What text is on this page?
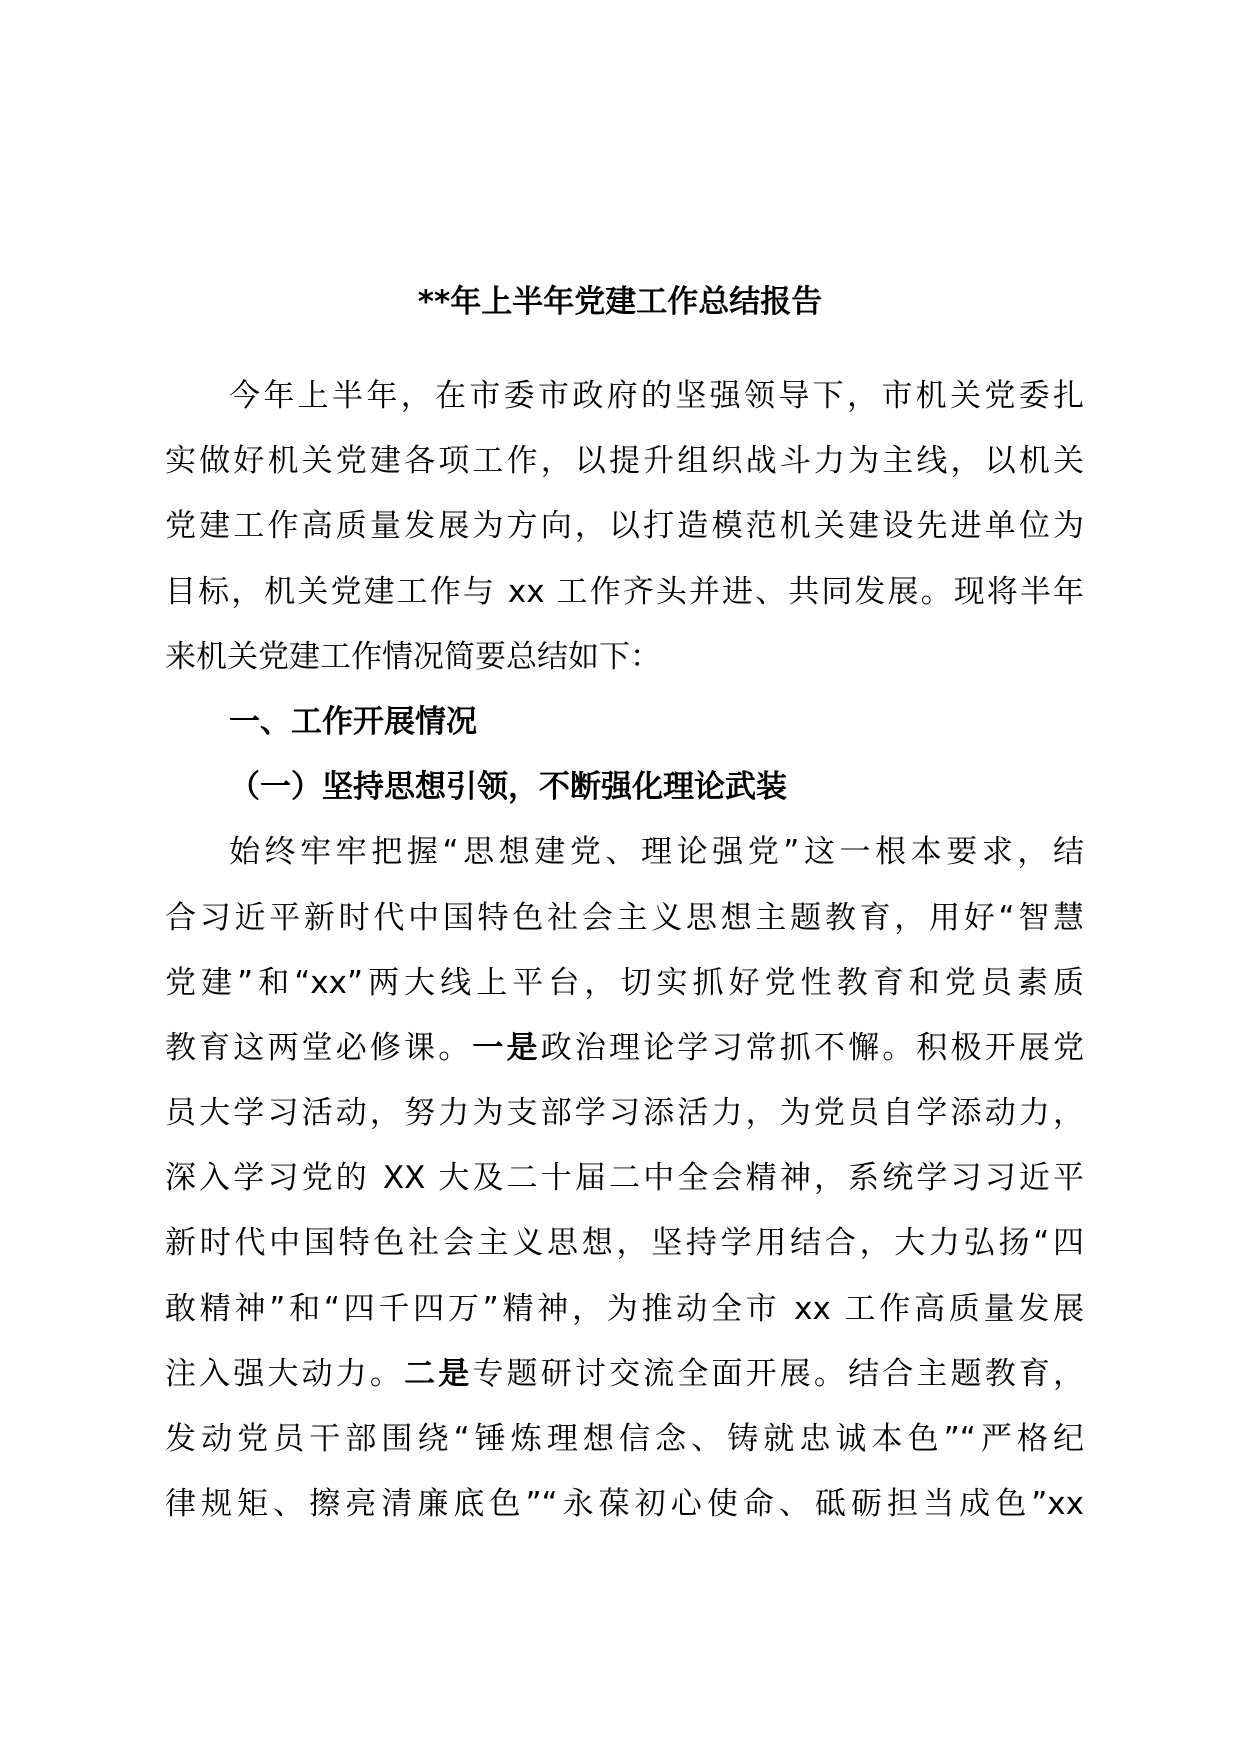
**年上半年党建工作总结报告
今年上半年，在市委市政府的坚强领导下，市机关党委扎
实做好机关党建各项工作，以提升组织战斗力为主线，以机关
党建工作高质量发展为方向，以打造模范机关建设先进单位为
目标，机关党建工作与 xx 工作齐头并进、共同发展。现将半年
来机关党建工作情况简要总结如下：
一、工作开展情况
（一）坚持思想引领，不断强化理论武装
始终牢牢把握“思想建党、理论强党”这一根本要求，结
合习近平新时代中国特色社会主义思想主题教育，用好“智慧
党建”和“xx”两大线上平台，切实抓好党性教育和党员素质
教育这两堂必修课。一是政治理论学习常抓不懈。积极开展党
员大学习活动，努力为支部学习添活力，为党员自学添动力，
深入学习党的 XX 大及二十届二中全会精神，系统学习习近平
新时代中国特色社会主义思想，坚持学用结合，大力弘扬“四
敢精神”和“四千四万”精神，为推动全市 xx 工作高质量发展
注入强大动力。二是专题研讨交流全面开展。结合主题教育，
发动党员干部围绕“锤炼理想信念、铸就忠诚本色”“严格纪
律规矩、擦亮清廉底色”“永葆初心使命、砥砺担当成色”xx
